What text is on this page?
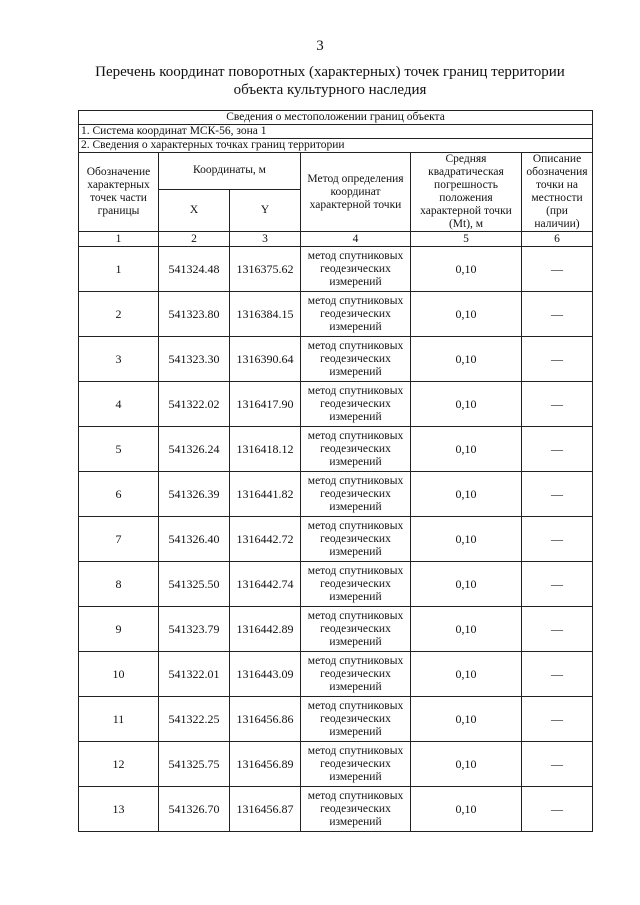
3
Перечень координат поворотных (характерных) точек границ территории
объекта культурного наследия
Сведения о местоположении границ объекта					
1. Система координат МСК-56, зона 1					
2. Сведения о характерных точках границ территории					
Обозначение характерных точек части границы	Координаты, м		Метод определения координат характерной точки	Средняя квадратическая погрешность положения характерной точки (Mt), м	Описание обозначения точки на местности (при наличии)
	X	Y			
1	2	3	4	5	6
1	541324.48	1316375.62	метод спутниковых геодезических измерений	0,10	—
2	541323.80	1316384.15	метод спутниковых геодезических измерений	0,10	—
3	541323.30	1316390.64	метод спутниковых геодезических измерений	0,10	—
4	541322.02	1316417.90	метод спутниковых геодезических измерений	0,10	—
5	541326.24	1316418.12	метод спутниковых геодезических измерений	0,10	—
6	541326.39	1316441.82	метод спутниковых геодезических измерений	0,10	—
7	541326.40	1316442.72	метод спутниковых геодезических измерений	0,10	—
8	541325.50	1316442.74	метод спутниковых геодезических измерений	0,10	—
9	541323.79	1316442.89	метод спутниковых геодезических измерений	0,10	—
10	541322.01	1316443.09	метод спутниковых геодезических измерений	0,10	—
11	541322.25	1316456.86	метод спутниковых геодезических измерений	0,10	—
12	541325.75	1316456.89	метод спутниковых геодезических измерений	0,10	—
13	541326.70	1316456.87	метод спутниковых геодезических измерений	0,10	—
